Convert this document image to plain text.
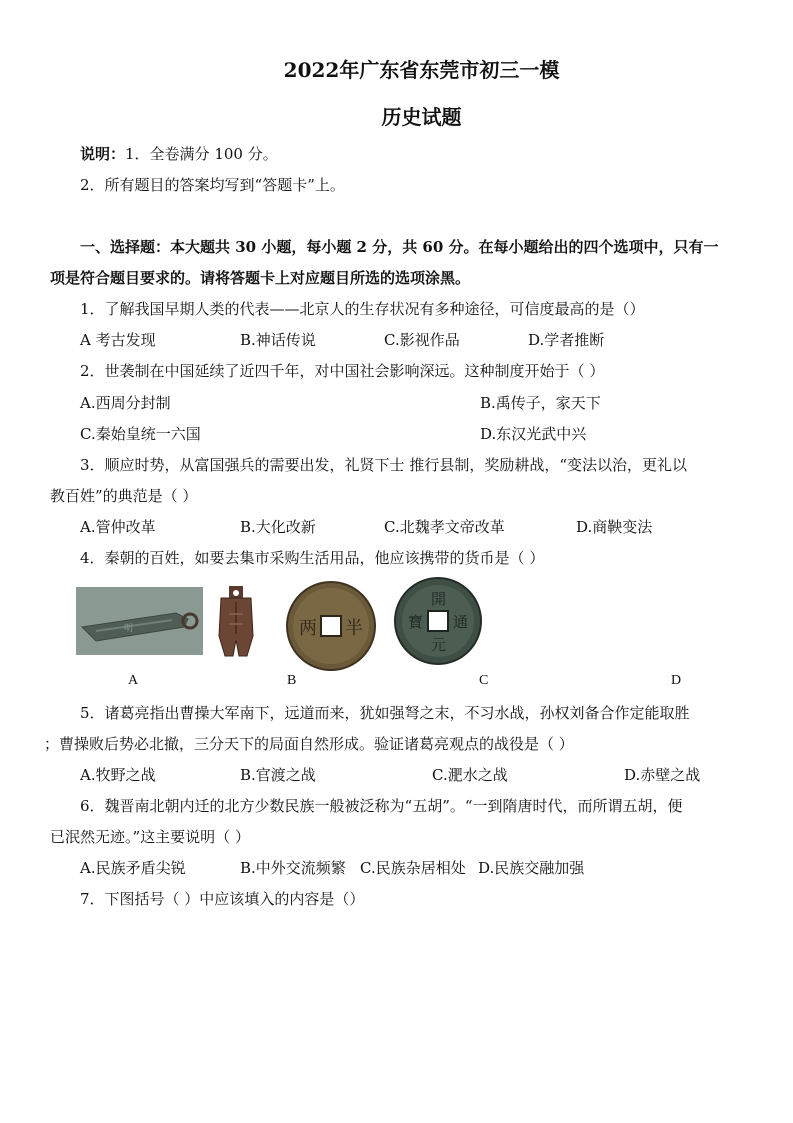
2022年广东省东莞市初三一模
历史试题
说明：1．全卷满分 100 分。
2．所有题目的答案均写到“答题卡”上。
一、选择题：本大题共 30 小题，每小题 2 分，共 60 分。在每小题给出的四个选项中，只有一
项是符合题目要求的。请将答题卡上对应题目所选的选项涂黑。
1．了解我国早期人类的代表——北京人的生存状况有多种途径，可信度最高的是（）
A 考古发现	B.神话传说	C.影视作品	D.学者推断
2．世袭制在中国延续了近四千年，对中国社会影响深远。这种制度开始于（ ）
A.西周分封制	B.禹传子，家天下
C.秦始皇统一六国	D.东汉光武中兴
3．顺应时势，从富国强兵的需要出发，礼贤下士 推行县制，奖励耕战，“变法以治，更礼以
教百姓”的典范是（ ）
A.管仲改革	B.大化改新	C.北魏孝文帝改革	D.商鞅变法
4．秦朝的百姓，如要去集市采购生活用品，他应该携带的货币是（ ）
明	两 半
開
通
元
寶
A	B	C	D
5．诸葛亮指出曹操大军南下，远道而来，犹如强弩之末，不习水战，孙权刘备合作定能取胜
；曹操败后势必北撤，三分天下的局面自然形成。验证诸葛亮观点的战役是（ ）
A.牧野之战	B.官渡之战	C.淝水之战	D.赤壁之战
6．魏晋南北朝内迁的北方少数民族一般被泛称为“五胡”。“一到隋唐时代，而所谓五胡，便
已泯然无迹。”这主要说明（ ）
A.民族矛盾尖锐	B.中外交流频繁 C.民族杂居相处 D.民族交融加强
7．下图括号（ ）中应该填入的内容是（）
